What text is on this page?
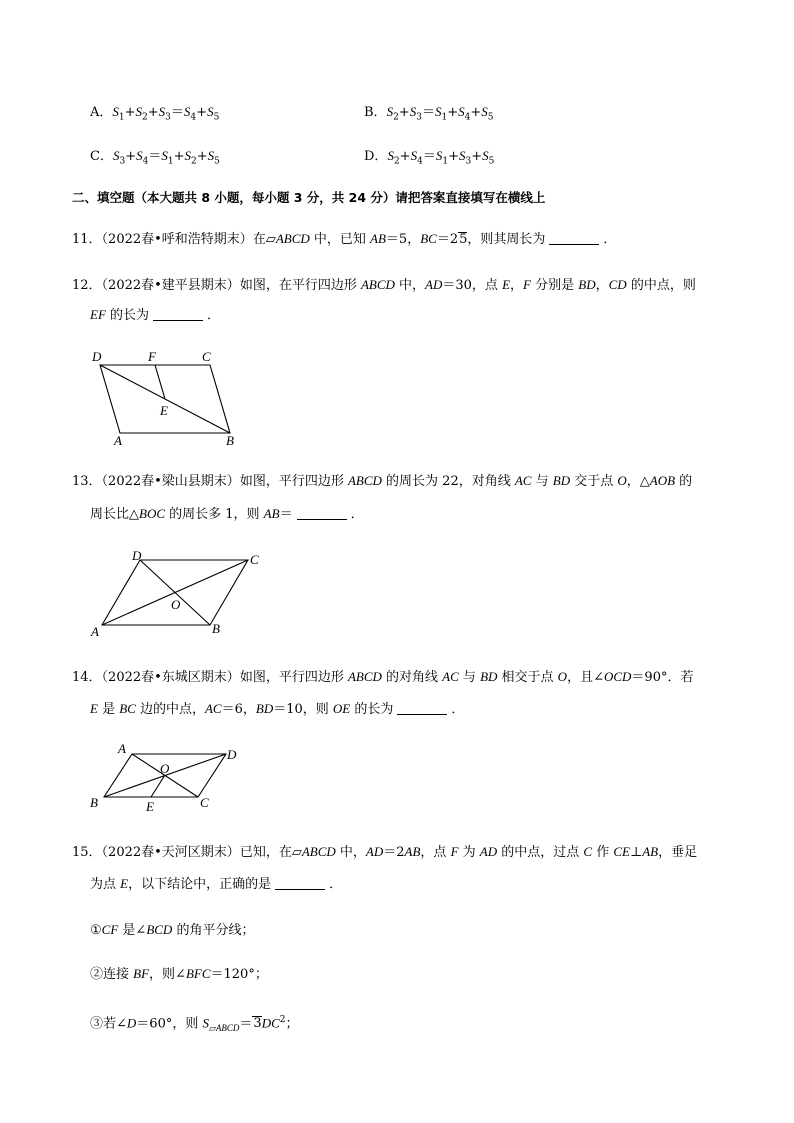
A．$S_1+S_2+S_3=S_4+S_5$	B．$S_2+S_3=S_1+S_4+S_5$
C．$S_3+S_4=S_1+S_2+S_5$	D．$S_2+S_4=S_1+S_3+S_5$
二、填空题（本大题共 8 小题，每小题 3 分，共 24 分）请把答案直接填写在横线上
11．（2022春•呼和浩特期末）在▱ABCD 中，已知 AB＝5，BC＝25，则其周长为	．
12．（2022春•建平县期末）如图，在平行四边形 ABCD 中，AD＝30，点 E，F 分别是 BD，CD 的中点，则
EF 的长为	．
D	F	C
E
A	B
13．（2022春•梁山县期末）如图，平行四边形 ABCD 的周长为 22，对角线 AC 与 BD 交于点 O，△AOB 的
周长比△BOC 的周长多 1，则 AB＝	．
D	C
O
A	B
14．（2022春•东城区期末）如图，平行四边形 ABCD 的对角线 AC 与 BD 相交于点 O，且∠OCD＝90°．若
E 是 BC 边的中点，AC＝6，BD＝10，则 OE 的长为	．
A	D
O
B	E	C
15．（2022春•天河区期末）已知，在▱ABCD 中，AD＝2AB，点 F 为 AD 的中点，过点 C 作 CE⊥AB，垂足
为点 E，以下结论中，正确的是	．
①CF 是∠BCD 的角平分线；
②连接 BF，则∠BFC＝120°；
③若∠D＝60°，则 $S_{▱ABCD}=3DC^2$；
